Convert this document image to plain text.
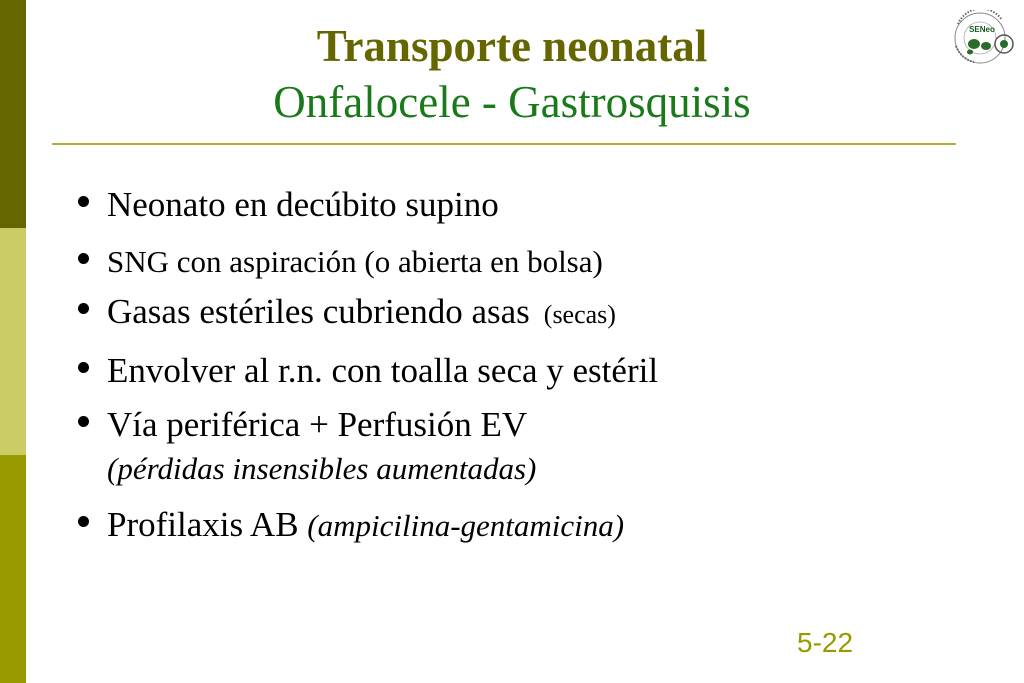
Transporte neonatal
Onfalocele - Gastrosquisis
SENeo
Neonato en decúbito supino
SNG con aspiración (o abierta en bolsa)
Gasas estériles cubriendo asas (secas)
Envolver al r.n. con toalla seca y estéril
Vía periférica + Perfusión EV
(pérdidas insensibles aumentadas)
Profilaxis AB (ampicilina-gentamicina)
5-22
